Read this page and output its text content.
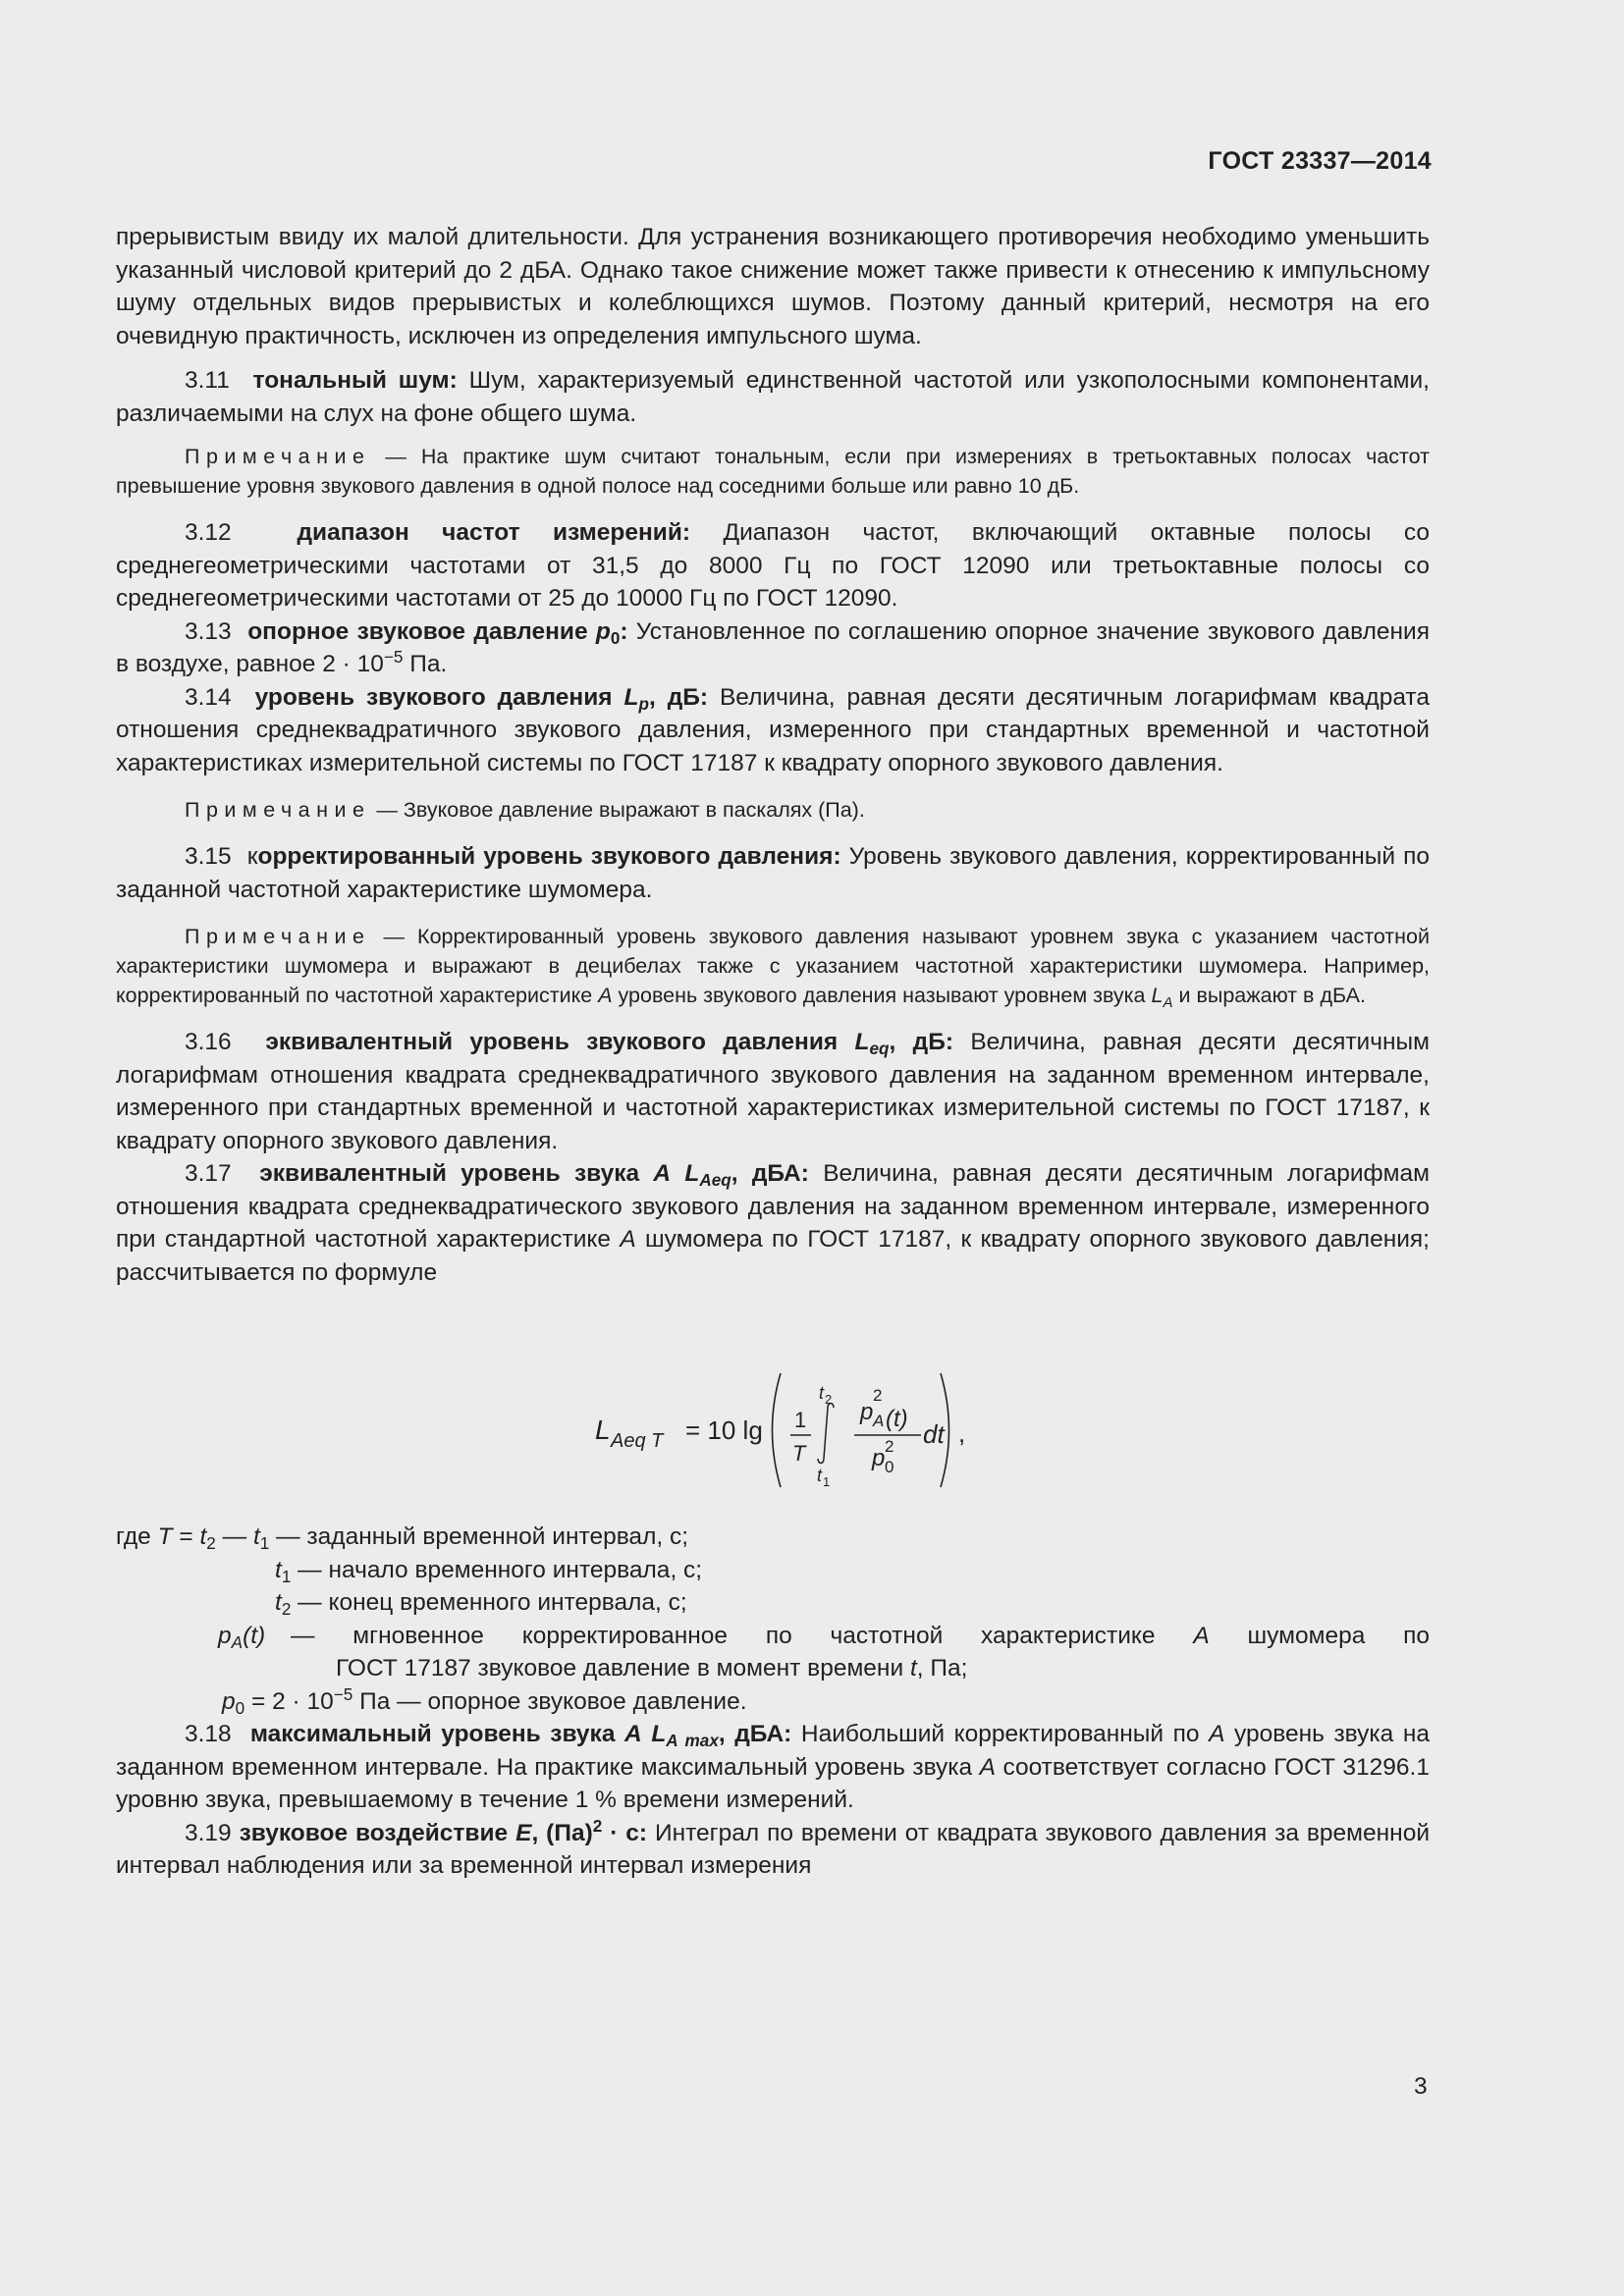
ГОСТ 23337—2014

прерывистым ввиду их малой длительности. Для устранения возникающего противоречия необходимо уменьшить указанный числовой критерий до 2 дБА. Однако такое снижение может также привести к отнесению к импульсному шуму отдельных видов прерывистых и колеблющихся шумов. Поэтому данный критерий, несмотря на его очевидную практичность, исключен из определения импульсного шума.

3.11 тональный шум: Шум, характеризуемый единственной частотой или узкополосными компонентами, различаемыми на слух на фоне общего шума.

Примечание — На практике шум считают тональным, если при измерениях в третьоктавных полосах частот превышение уровня звукового давления в одной полосе над соседними больше или равно 10 дБ.

3.12	диапазон частот измерений: Диапазон частот, включающий октавные полосы со среднегеометрическими частотами от 31,5 до 8000 Гц по ГОСТ 12090 или третьоктавные полосы со среднегеометрическими частотами от 25 до 10000 Гц по ГОСТ 12090.

3.13 опорное звуковое давление $p_0$: Установленное по соглашению опорное значение звукового давления в воздухе, равное $2 \cdot 10^{-5}$ Па.

3.14 уровень звукового давления $L_p$, дБ: Величина, равная десяти десятичным логарифмам квадрата отношения среднеквадратичного звукового давления, измеренного при стандартных временной и частотной характеристиках измерительной системы по ГОСТ 17187 к квадрату опорного звукового давления.

Примечание — Звуковое давление выражают в паскалях (Па).

3.15 корректированный уровень звукового давления: Уровень звукового давления, корректированный по заданной частотной характеристике шумомера.

Примечание — Корректированный уровень звукового давления называют уровнем звука с указанием частотной характеристики шумомера и выражают в децибелах также с указанием частотной характеристики шумомера. Например, корректированный по частотной характеристике A уровень звукового давления называют уровнем звука $L_A$ и выражают в дБА.

3.16 эквивалентный уровень звукового давления $L_{eq}$, дБ: Величина, равная десяти десятичным логарифмам отношения квадрата среднеквадратичного звукового давления на заданном временном интервале, измеренного при стандартных временной и частотной характеристиках измерительной системы по ГОСТ 17187, к квадрату опорного звукового давления.

3.17 эквивалентный уровень звука A $L_{Aeq}$, дБА: Величина, равная десяти десятичным логарифмам отношения квадрата среднеквадратического звукового давления на заданном временном интервале, измеренного при стандартной частотной характеристике A шумомера по ГОСТ 17187, к квадрату опорного звукового давления; рассчитывается по формуле

L Aeq T = 10 lg 1
T
t 2
t 1
p
2
A (t)
p 2
0
dt ,
где $T = t_2$ — $t_1$ — заданный временной интервал, с;
$t_1$ — начало временного интервала, с;
$t_2$ — конец временного интервала, с;
$p_A(t)$	— мгновенное корректированное по частотной характеристике A шумомера по
ГОСТ 17187 звуковое давление в момент времени t, Па;
$p_0 = 2 \cdot 10^{-5}$ Па — опорное звуковое давление.

3.18 максимальный уровень звука A $L_{A max}$, дБА: Наибольший корректированный по A уровень звука на заданном временном интервале. На практике максимальный уровень звука A соответствует согласно ГОСТ 31296.1 уровню звука, превышаемому в течение 1 % времени измерений.

3.19 звуковое воздействие E, (Па)$^2$ · с: Интеграл по времени от квадрата звукового давления за временной интервал наблюдения или за временной интервал измерения

3
